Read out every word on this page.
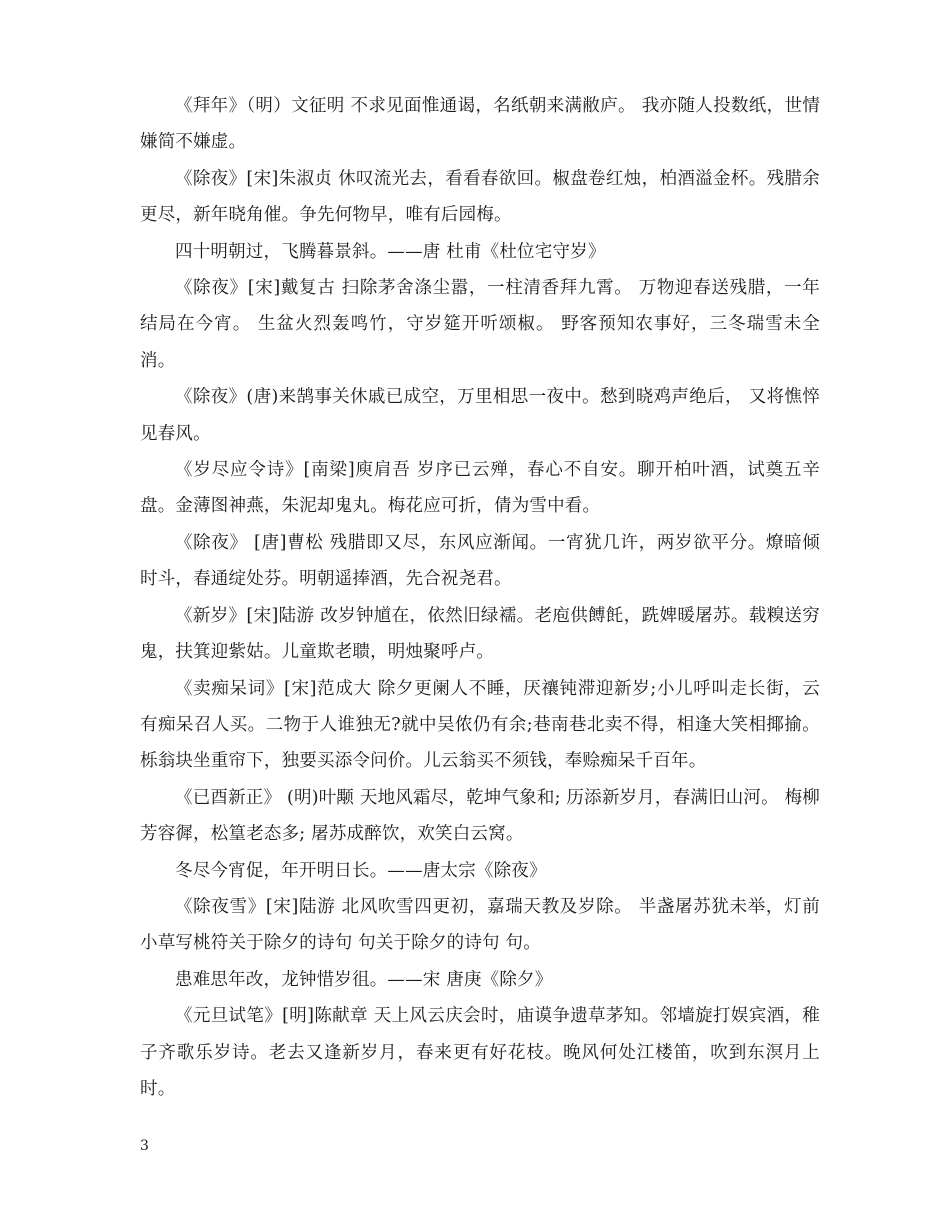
《拜年》（明）文征明 不求见面惟通谒，名纸朝来满敝庐。 我亦随人投数纸，世情嫌简不嫌虚。

《除夜》[宋]朱淑贞 休叹流光去，看看春欲回。椒盘卷红烛，柏酒溢金杯。残腊余更尽，新年晓角催。争先何物早，唯有后园梅。

四十明朝过，飞腾暮景斜。——唐 杜甫《杜位宅守岁》

《除夜》[宋]戴复古 扫除茅舍涤尘嚣，一柱清香拜九霄。 万物迎春送残腊，一年结局在今宵。 生盆火烈轰鸣竹，守岁筵开听颂椒。 野客预知农事好，三冬瑞雪未全消。

《除夜》(唐)来鹄事关休戚已成空，万里相思一夜中。愁到晓鸡声绝后， 又将憔悴见春风。

《岁尽应令诗》[南梁]庾肩吾 岁序已云殚，春心不自安。聊开柏叶酒，试奠五辛盘。金薄图神燕，朱泥却鬼丸。梅花应可折，倩为雪中看。

《除夜》 [唐]曹松 残腊即又尽，东风应渐闻。一宵犹几许，两岁欲平分。燎暗倾时斗，春通绽处芬。明朝遥捧酒，先合祝尧君。

《新岁》[宋]陆游 改岁钟馗在，依然旧绿襦。老庖供餺飥，跣婢暖屠苏。载糗送穷鬼，扶箕迎紫姑。儿童欺老聩，明烛聚呼卢。

《卖痴呆词》[宋]范成大 除夕更阑人不睡，厌禳钝滞迎新岁;小儿呼叫走长街，云有痴呆召人买。二物于人谁独无?就中吴侬仍有余;巷南巷北卖不得，相逢大笑相揶揄。栎翁块坐重帘下，独要买添令问价。儿云翁买不须钱，奉赊痴呆千百年。

《已酉新正》 (明)叶颙 天地风霜尽，乾坤气象和; 历添新岁月，春满旧山河。 梅柳芳容徲，松篁老态多; 屠苏成醉饮，欢笑白云窝。

冬尽今宵促，年开明日长。——唐太宗《除夜》

《除夜雪》[宋]陆游 北风吹雪四更初，嘉瑞天教及岁除。 半盏屠苏犹未举，灯前小草写桃符关于除夕的诗句 句关于除夕的诗句 句。

患难思年改，龙钟惜岁徂。——宋 唐庚《除夕》

《元旦试笔》[明]陈献章 天上风云庆会时，庙谟争遗草茅知。邻墙旋打娱宾酒，稚子齐歌乐岁诗。老去又逢新岁月，春来更有好花枝。晚风何处江楼笛，吹到东溟月上时。

3
